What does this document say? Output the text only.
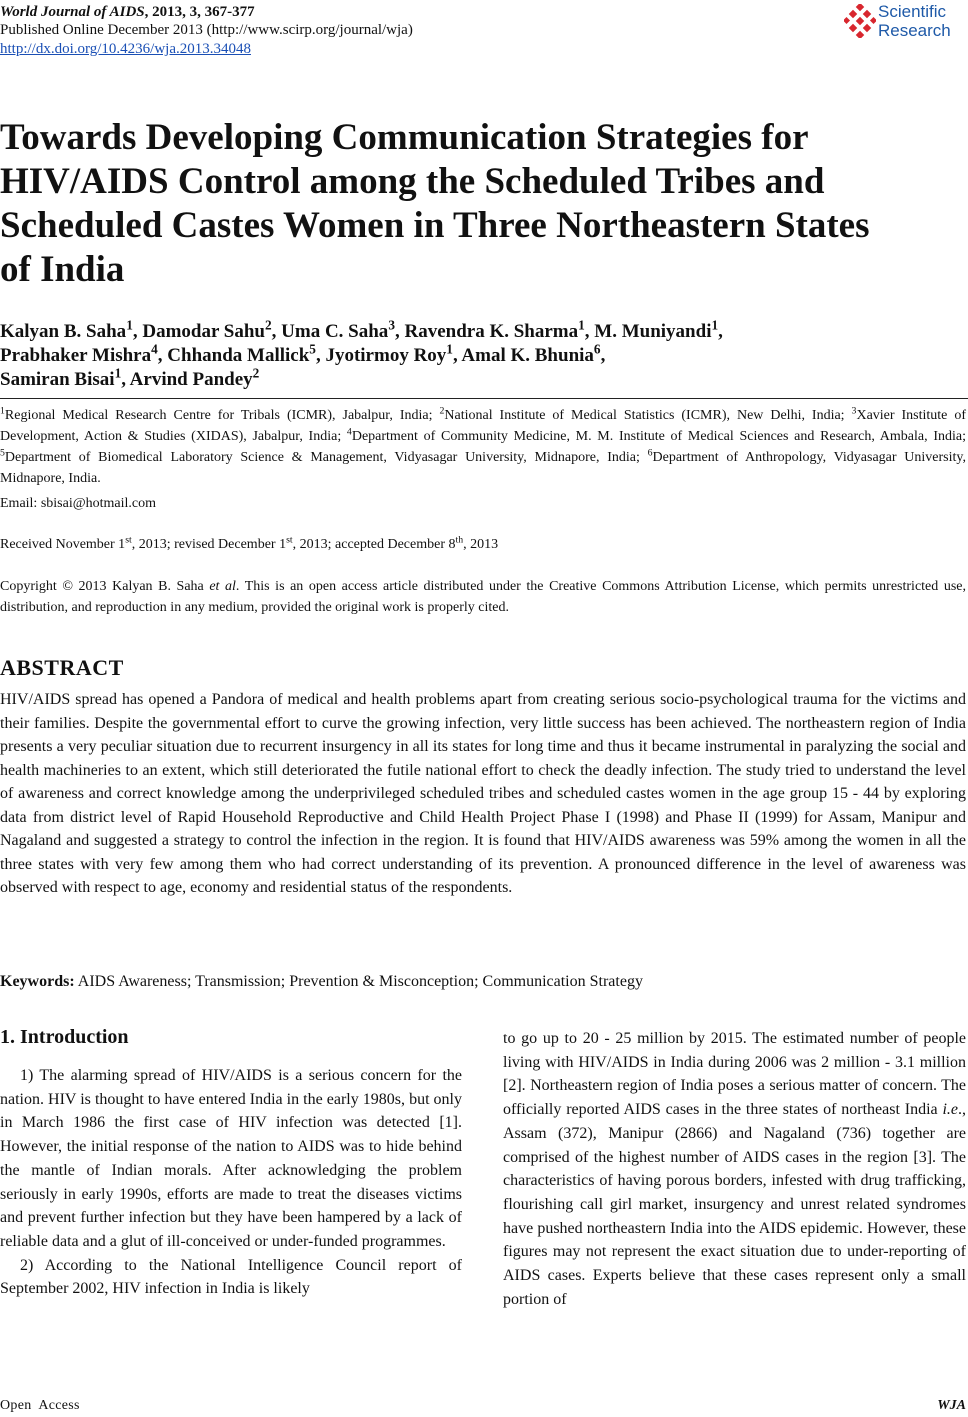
World Journal of AIDS, 2013, 3, 367-377
Published Online December 2013 (http://www.scirp.org/journal/wja)
http://dx.doi.org/10.4236/wja.2013.34048
Scientific
Research
Towards Developing Communication Strategies for HIV/AIDS Control among the Scheduled Tribes and Scheduled Castes Women in Three Northeastern States of India
Kalyan B. Saha$^1$, Damodar Sahu$^2$, Uma C. Saha$^3$, Ravendra K. Sharma$^1$, M. Muniyandi$^1$,
Prabhaker Mishra$^4$, Chhanda Mallick$^5$, Jyotirmoy Roy$^1$, Amal K. Bhunia$^6$,
Samiran Bisai$^1$, Arvind Pandey$^2$
$^1$Regional Medical Research Centre for Tribals (ICMR), Jabalpur, India; $^2$National Institute of Medical Statistics (ICMR), New Delhi, India; $^3$Xavier Institute of Development, Action & Studies (XIDAS), Jabalpur, India; $^4$Department of Community Medicine, M. M. Institute of Medical Sciences and Research, Ambala, India; $^5$Department of Biomedical Laboratory Science & Management, Vidyasagar University, Midnapore, India; $^6$Department of Anthropology, Vidyasagar University, Midnapore, India.
Email: sbisai@hotmail.com
Received November 1st, 2013; revised December 1st, 2013; accepted December 8th, 2013
Copyright © 2013 Kalyan B. Saha et al. This is an open access article distributed under the Creative Commons Attribution License, which permits unrestricted use, distribution, and reproduction in any medium, provided the original work is properly cited.
ABSTRACT
HIV/AIDS spread has opened a Pandora of medical and health problems apart from creating serious socio-psychological trauma for the victims and their families. Despite the governmental effort to curve the growing infection, very little success has been achieved. The northeastern region of India presents a very peculiar situation due to recurrent insurgency in all its states for long time and thus it became instrumental in paralyzing the social and health machineries to an extent, which still deteriorated the futile national effort to check the deadly infection. The study tried to understand the level of awareness and correct knowledge among the underprivileged scheduled tribes and scheduled castes women in the age group 15 - 44 by exploring data from district level of Rapid Household Reproductive and Child Health Project Phase I (1998) and Phase II (1999) for Assam, Manipur and Nagaland and suggested a strategy to control the infection in the region. It is found that HIV/AIDS awareness was 59% among the women in all the three states with very few among them who had correct understanding of its prevention. A pronounced difference in the level of awareness was observed with respect to age, economy and residential status of the respondents.
Keywords: AIDS Awareness; Transmission; Prevention & Misconception; Communication Strategy
1. Introduction

1) The alarming spread of HIV/AIDS is a serious concern for the nation. HIV is thought to have entered India in the early 1980s, but only in March 1986 the first case of HIV infection was detected [1]. However, the initial response of the nation to AIDS was to hide behind the mantle of Indian morals. After acknowledging the problem seriously in early 1990s, efforts are made to treat the diseases victims and prevent further infection but they have been hampered by a lack of reliable data and a glut of ill-conceived or under-funded programmes.

2) According to the National Intelligence Council report of September 2002, HIV infection in India is likely

to go up to 20 - 25 million by 2015. The estimated number of people living with HIV/AIDS in India during 2006 was 2 million - 3.1 million [2]. Northeastern region of India poses a serious matter of concern. The officially reported AIDS cases in the three states of northeast India i.e., Assam (372), Manipur (2866) and Nagaland (736) together are comprised of the highest number of AIDS cases in the region [3]. The characteristics of having porous borders, infested with drug trafficking, flourishing call girl market, insurgency and unrest related syndromes have pushed northeastern India into the AIDS epidemic. However, these figures may not represent the exact situation due to under-reporting of AIDS cases. Experts believe that these cases represent only a small portion of

Open  Access	WJA
